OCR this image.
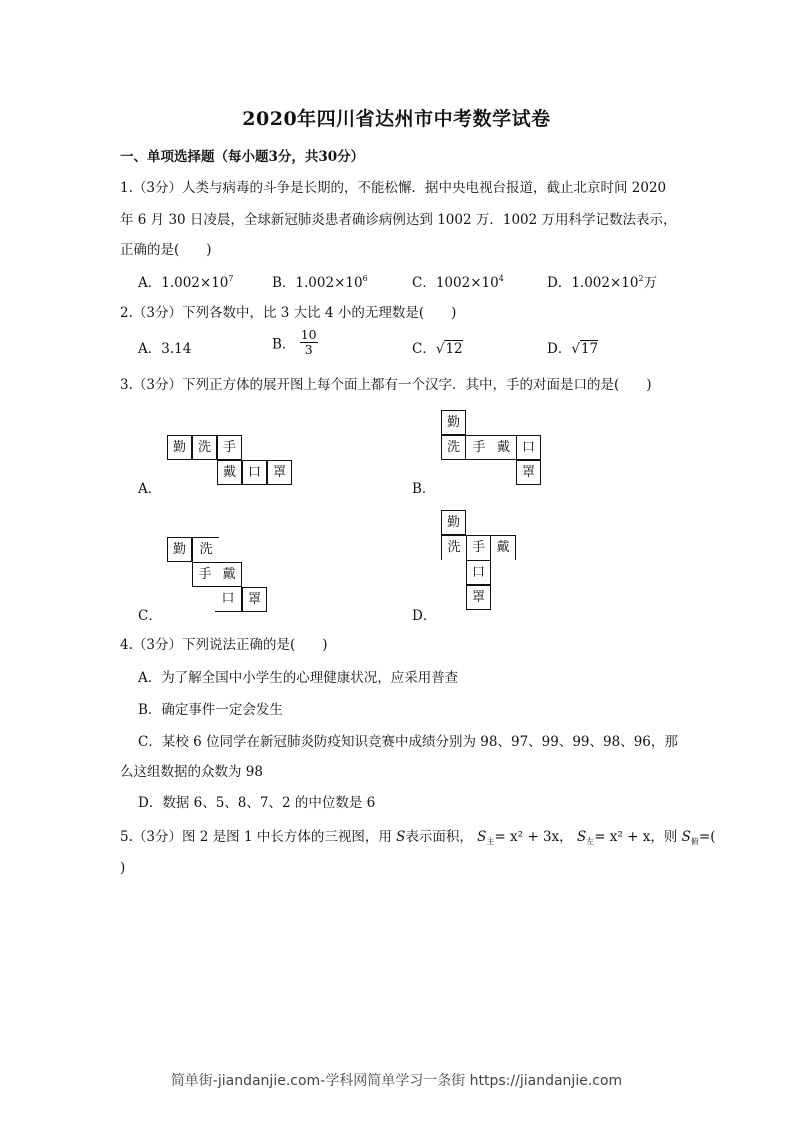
2020年四川省达州市中考数学试卷
一、单项选择题（每小题3分，共30分）
1.（3分）人类与病毒的斗争是长期的，不能松懈．据中央电视台报道，截止北京时间 2020
年 6 月 30 日凌晨，全球新冠肺炎患者确诊病例达到 1002 万．1002 万用科学记数法表示，
正确的是(　　)
A．$1.002\times 10^7$	B．$1.002\times 10^6$	C．$1002\times 10^4$	D．$1.002\times 10^2$万
2.（3分）下列各数中，比 3 大比 4 小的无理数是(　　)
A．3.14	B． $\frac{10}{3}$	C．√12	D．√17
3.（3分）下列正方体的展开图上每个面上都有一个汉字．其中，手的对面是口的是(　　)
A．
勤 洗 手
戴 口 罩
B．
勤
洗 手 戴 口
罩
C．
勤	洗
手 戴
口	罩
D．
勤
洗 手 戴
口
罩
4.（3分）下列说法正确的是(　　)
A．为了解全国中小学生的心理健康状况，应采用普查
B．确定事件一定会发生
C．某校 6 位同学在新冠肺炎防疫知识竞赛中成绩分别为 98、97、99、99、98、96，那
么这组数据的众数为 98
D．数据 6、5、8、7、2 的中位数是 6
5.（3分）图 2 是图 1 中长方体的三视图，用 S表示面积， $S_主= x^2 + 3x$， $S_左= x^2 + x$，则 $S_俯=$(
)
简单街-jiandanjie.com-学科网简单学习一条街 https://jiandanjie.com
